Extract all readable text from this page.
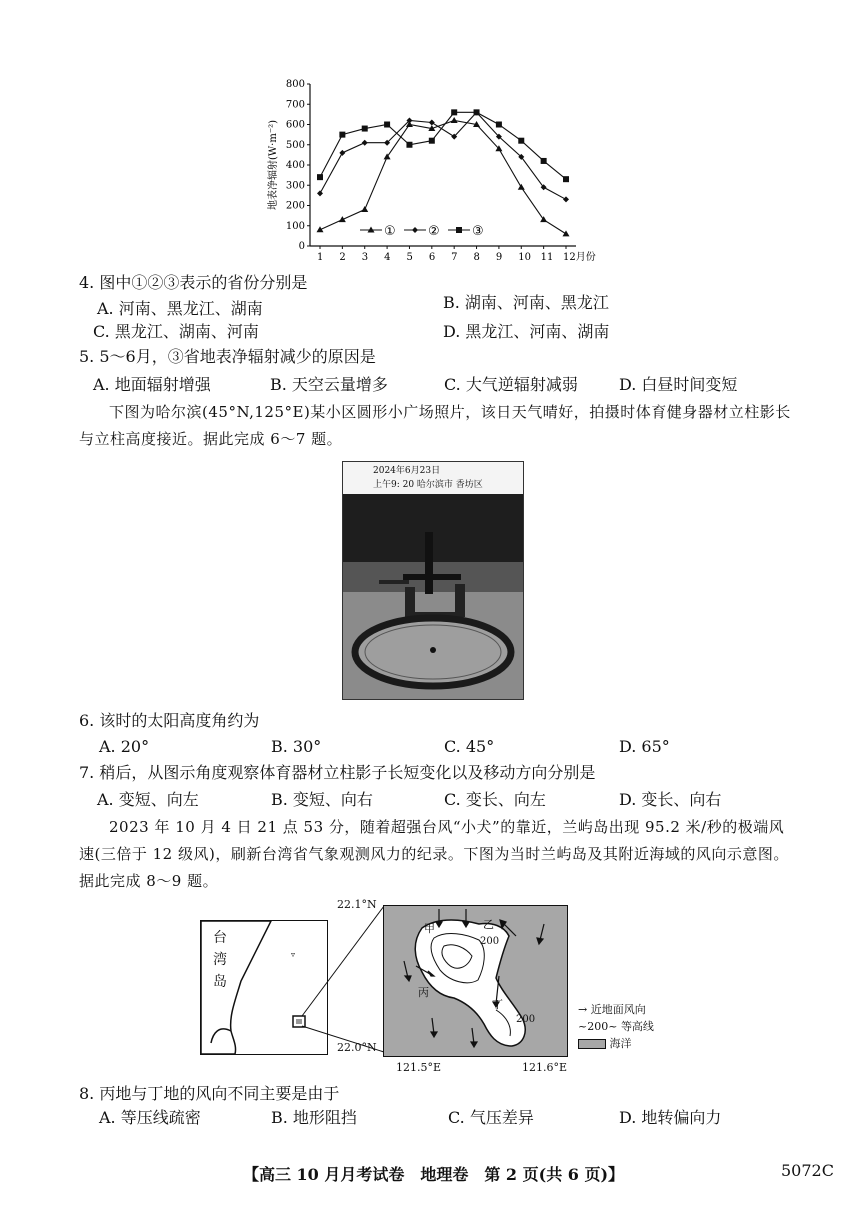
0
100
200
300
400
500
600
700
800
1 2 3 4 5 6 7 8 9 10 11 12月份
地表净辐射(W·m⁻²)
① ② ③
4. 图中①②③表示的省份分别是
A. 河南、黑龙江、湖南	B. 湖南、河南、黑龙江
C. 黑龙江、湖南、河南	D. 黑龙江、河南、湖南
5. 5～6月，③省地表净辐射减少的原因是
A. 地面辐射增强	B. 天空云量增多	C. 大气逆辐射减弱	D. 白昼时间变短
下图为哈尔滨(45°N,125°E)某小区圆形小广场照片，该日天气晴好，拍摄时体育健身器材立柱影长与立柱高度接近。据此完成 6～7 题。
2024年6月23日
上午9: 20 哈尔滨市 香坊区
6. 该时的太阳高度角约为
A. 20°	B. 30°	C. 45°	D. 65°
7. 稍后，从图示角度观察体育器材立柱影子长短变化以及移动方向分别是
A. 变短、向左	B. 变短、向右	C. 变长、向左	D. 变长、向右
2023 年 10 月 4 日 21 点 53 分，随着超强台风“小犬”的靠近，兰屿岛出现 95.2 米/秒的极端风速(三倍于 12 级风)，刷新台湾省气象观测风力的纪录。下图为当时兰屿岛及其附近海域的风向示意图。据此完成 8～9 题。
▿
台
湾
岛
甲	乙
丙
丁
200
200
22.1°N
22.0°N
121.5°E	121.6°E
→ 近地面风向
~200~ 等高线
海洋
8. 丙地与丁地的风向不同主要是由于
A. 等压线疏密	B. 地形阻挡	C. 气压差异	D. 地转偏向力
【高三 10 月月考试卷　地理卷　第 2 页(共 6 页)】	5072C
